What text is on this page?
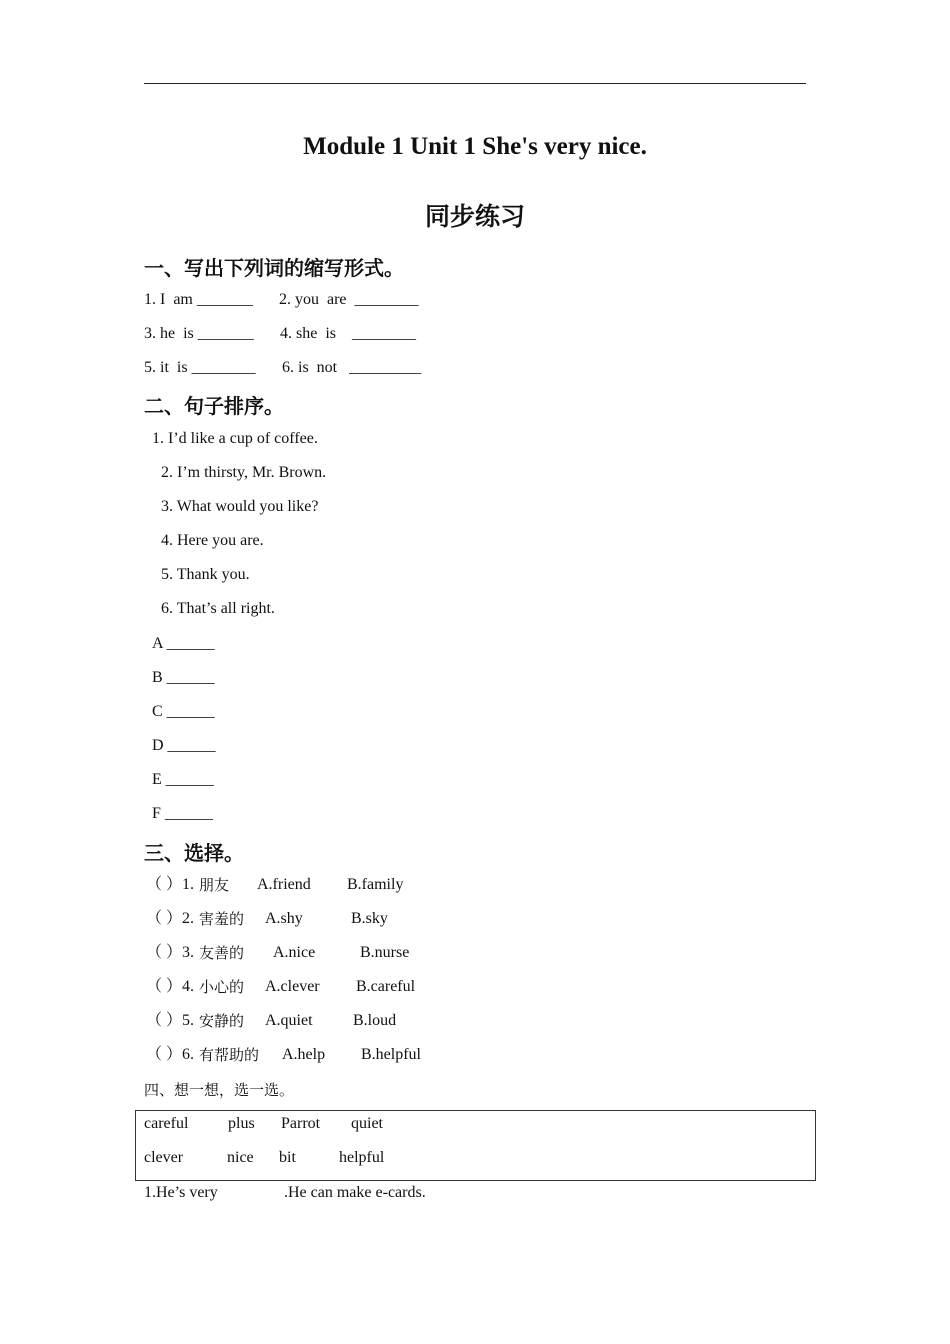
Module 1 Unit 1 She's very nice.
同步练习
一、写出下列词的缩写形式。
1. I  am _______ 2. you  are  ________
3. he  is _______ 4. she  is    ________
5. it  is ________ 6. is  not   _________
二、句子排序。
1. I’d like a cup of coffee.
2. I’m thirsty, Mr. Brown.
3. What would you like?
4. Here you are.
5. Thank you.
6. That’s all right.
A ______
B ______
C ______
D ______
E ______
F ______
三、选择。
（ ）1. 朋友 A.friend B.family
（ ）2. 害羞的 A.shy	B.sky
（ ）3. 友善的 A.nice	B.nurse
（ ）4. 小心的 A.clever B.careful
（ ）5. 安静的 A.quiet	B.loud
（ ）6. 有帮助的 A.help B.helpful
四、想一想，选一选。
careful plus Parrot quiet
clever	nice bit	helpful
1.He’s very	.He can make e-cards.
